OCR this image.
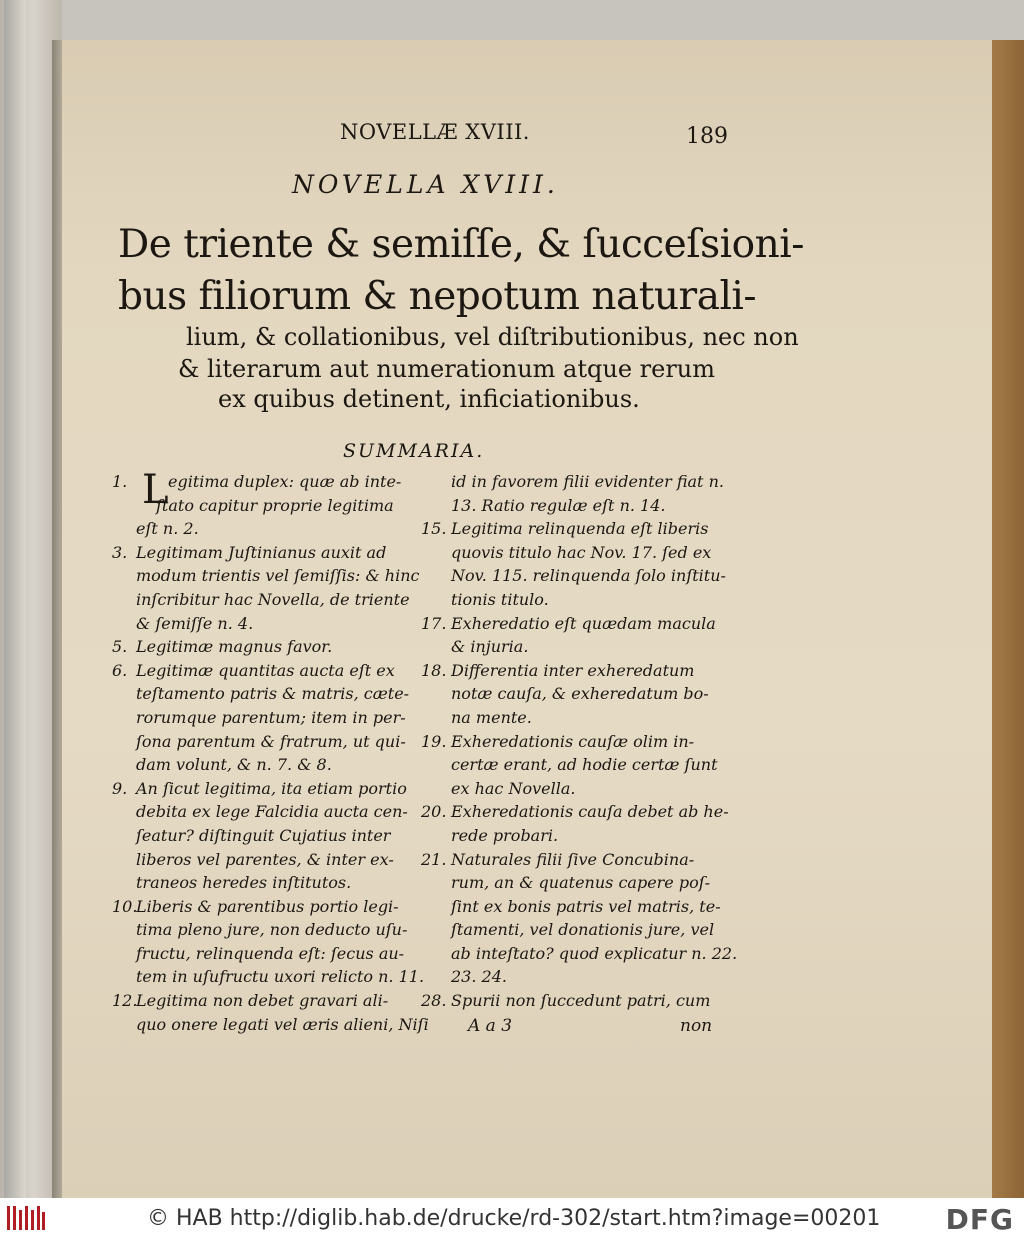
NOVELLÆ XVIII.	189
NOVELLA XVIII.
De triente & semiſſe, & ſucceſsioni-
bus filiorum & nepotum naturali-
lium, & collationibus, vel diſtributionibus, nec non
& literarum aut numerationum atque rerum
ex quibus detinent, inficiationibus.
SUMMARIA.
1. L egitima duplex: quæ ab inte-
ſtato capitur proprie legitima
eſt n. 2.
3. Legitimam Juſtinianus auxit ad
modum trientis vel ſemiſſis: & hinc
inſcribitur hac Novella, de triente
& ſemiſſe n. 4.
5. Legitimæ magnus favor.
6. Legitimæ quantitas aucta eſt ex
teſtamento patris & matris, cæte-
rorumque parentum; item in per-
ſona parentum & fratrum, ut qui-
dam volunt, & n. 7. & 8.
9. An ſicut legitima, ita etiam portio
debita ex lege Falcidia aucta cen-
ſeatur? diſtinguit Cujatius inter
liberos vel parentes, & inter ex-
traneos heredes inſtitutos.
10.
Liberis & parentibus portio legi-
tima pleno jure, non deducto uſu-
fructu, relinquenda eſt: ſecus au-
tem in uſufructu uxori relicto n. 11.
12.
Legitima non debet gravari ali-
quo onere legati vel æris alieni, Niſi
id in favorem filii evidenter fiat n.
13. Ratio regulæ eſt n. 14.
15. Legitima relinquenda eſt liberis
quovis titulo hac Nov. 17. ſed ex
Nov. 115. relinquenda ſolo inſtitu-
tionis titulo.
17. Exheredatio eſt quædam macula
& injuria.
18. Differentia inter exheredatum
notæ cauſa, & exheredatum bo-
na mente.
19. Exheredationis cauſæ olim in-
certæ erant, ad hodie certæ ſunt
ex hac Novella.
20. Exheredationis cauſa debet ab he-
rede probari.
21. Naturales filii ſive Concubina-
rum, an & quatenus capere poſ-
ſint ex bonis patris vel matris, te-
ſtamenti, vel donationis jure, vel
ab inteſtato? quod explicatur n. 22.
23. 24.
28. Spurii non ſuccedunt patri, cum
A a 3	non
© HAB http://diglib.hab.de/drucke/rd-302/start.htm?image=00201 DFG
